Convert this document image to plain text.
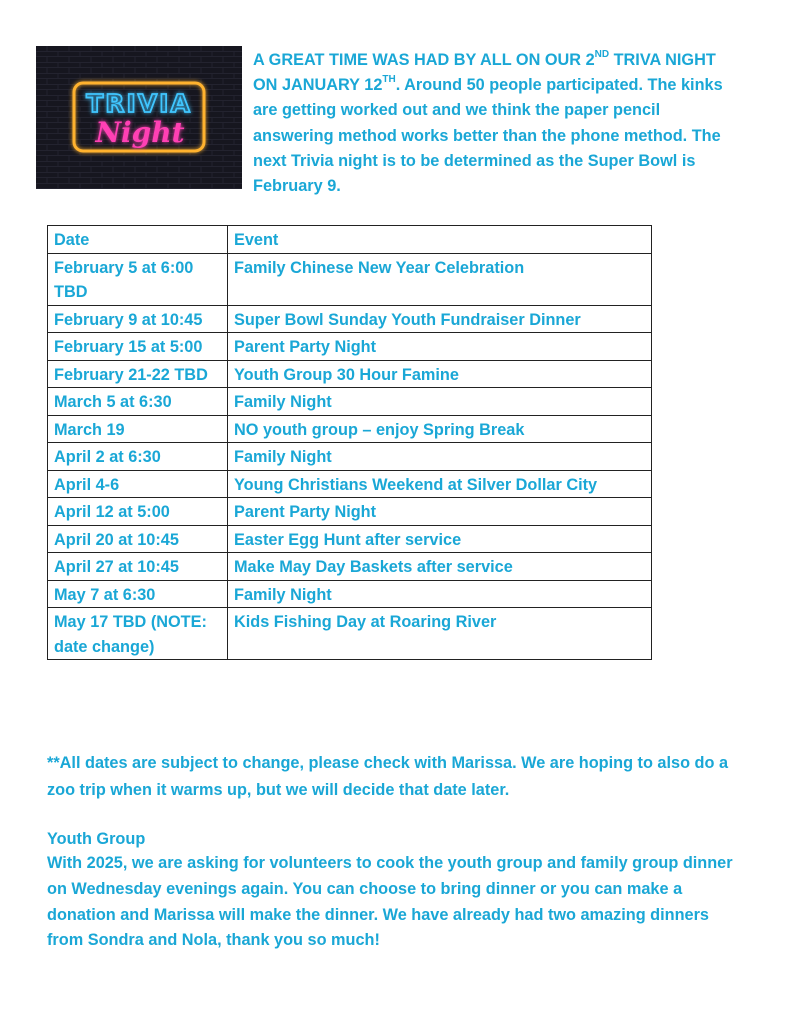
TRIVIA
Night

A GREAT TIME WAS HAD BY ALL ON OUR 2ND TRIVA NIGHT ON JANUARY 12TH. Around 50 people participated. The kinks are getting worked out and we think the paper pencil answering method works better than the phone method. The next Trivia night is to be determined as the Super Bowl is February 9.

Date	Event
February 5 at 6:00 TBD	Family Chinese New Year Celebration
February 9 at 10:45	Super Bowl Sunday Youth Fundraiser Dinner
February 15 at 5:00	Parent Party Night
February 21-22 TBD	Youth Group 30 Hour Famine
March 5 at 6:30	Family Night
March 19	NO youth group – enjoy Spring Break
April 2 at 6:30	Family Night
April 4-6	Young Christians Weekend at Silver Dollar City
April 12 at 5:00	Parent Party Night
April 20 at 10:45	Easter Egg Hunt after service
April 27 at 10:45	Make May Day Baskets after service
May 7 at 6:30	Family Night
May 17 TBD (NOTE: date change)	Kids Fishing Day at Roaring River

**All dates are subject to change, please check with Marissa. We are hoping to also do a zoo trip when it warms up, but we will decide that date later.

Youth Group

With 2025, we are asking for volunteers to cook the youth group and family group dinner on Wednesday evenings again. You can choose to bring dinner or you can make a donation and Marissa will make the dinner. We have already had two amazing dinners from Sondra and Nola, thank you so much!
